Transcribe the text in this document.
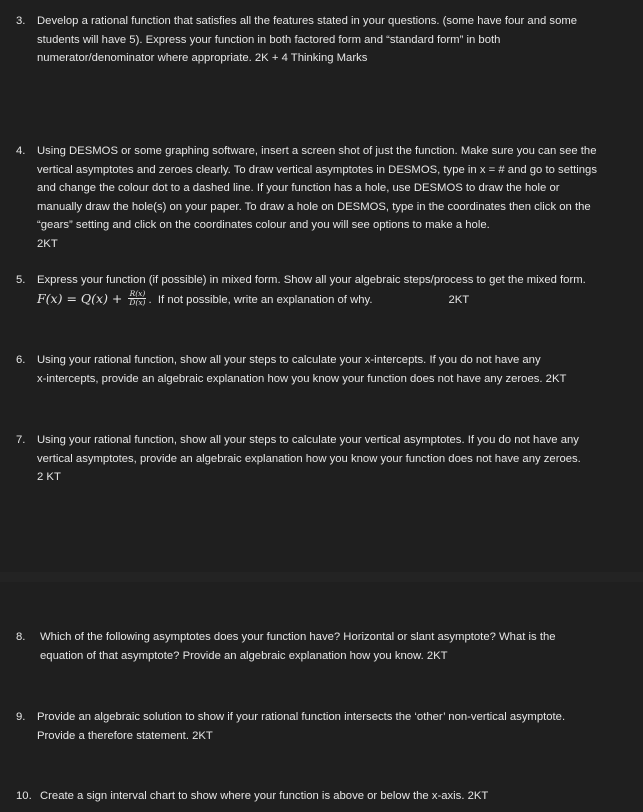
3.	Develop a rational function that satisfies all the features stated in your questions. (some have four and some
students will have 5). Express your function in both factored form and “standard form” in both
numerator/denominator where appropriate. 2K + 4 Thinking Marks
4.	Using DESMOS or some graphing software, insert a screen shot of just the function. Make sure you can see the
vertical asymptotes and zeroes clearly. To draw vertical asymptotes in DESMOS, type in x = # and go to settings
and change the colour dot to a dashed line. If your function has a hole, use DESMOS to draw the hole or
manually draw the hole(s) on your paper. To draw a hole on DESMOS, type in the coordinates then click on the
“gears” setting and click on the coordinates colour and you will see options to make a hole.
2KT
5.	Express your function (if possible) in mixed form. Show all your algebraic steps/process to get the mixed form.
$F(x) = Q(x) + \frac{R(x)}{D(x)}$ .  If not possible, write an explanation of why.	2KT
6.	Using your rational function, show all your steps to calculate your x-intercepts. If you do not have any
x-intercepts, provide an algebraic explanation how you know your function does not have any zeroes. 2KT
7.	Using your rational function, show all your steps to calculate your vertical asymptotes. If you do not have any
vertical asymptotes, provide an algebraic explanation how you know your function does not have any zeroes.
2 KT
8.	Which of the following asymptotes does your function have? Horizontal or slant asymptote? What is the
equation of that asymptote? Provide an algebraic explanation how you know. 2KT
9.	Provide an algebraic solution to show if your rational function intersects the ‘other’ non-vertical asymptote.
Provide a therefore statement. 2KT
10. Create a sign interval chart to show where your function is above or below the x-axis. 2KT
